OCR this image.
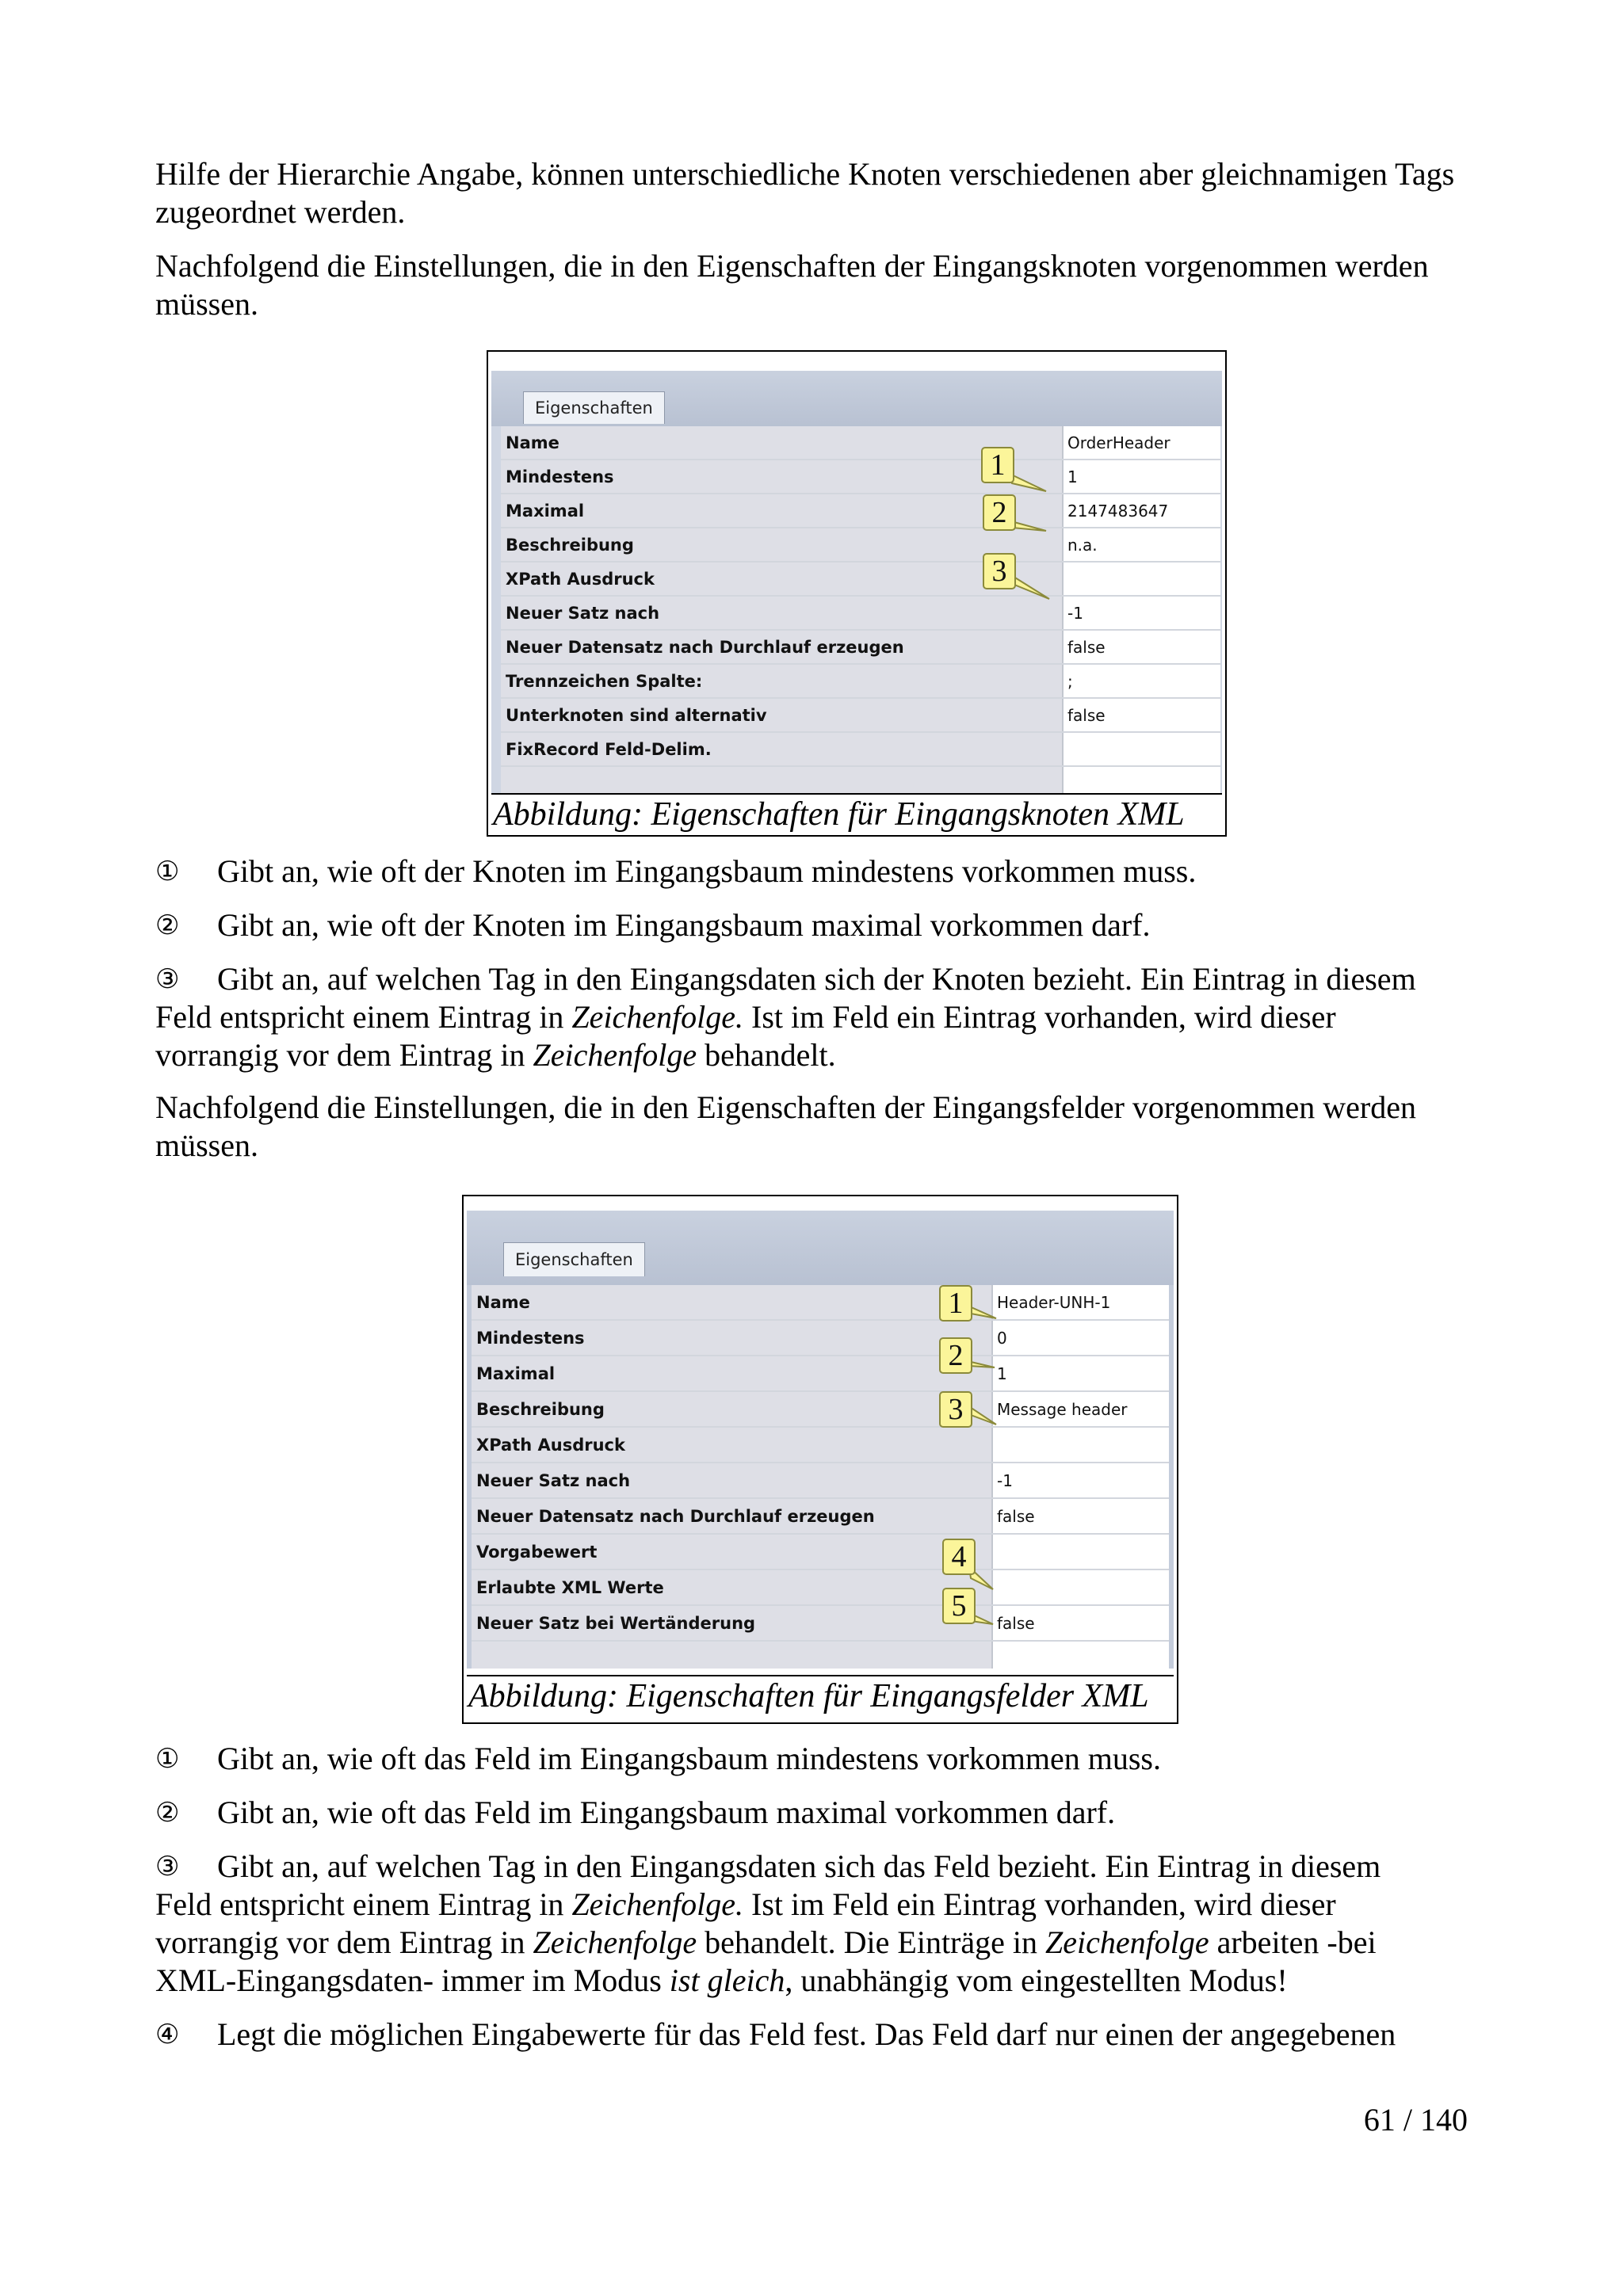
Hilfe der Hierarchie Angabe, können unterschiedliche Knoten verschiedenen aber gleichnamigen Tags zugeordnet werden.

Nachfolgend die Einstellungen, die in den Eigenschaften der Eingangsknoten vorgenommen werden müssen.

Eigenschaften
Name	OrderHeader
Mindestens	1
Maximal	2147483647
Beschreibung	n.a.
XPath Ausdruck
Neuer Satz nach	-1
Neuer Datensatz nach Durchlauf erzeugen	false
Trennzeichen Spalte:	;
Unterknoten sind alternativ	false
FixRecord Feld-Delim.
1
2
3
Abbildung: Eigenschaften für Eingangsknoten XML
① Gibt an, wie oft der Knoten im Eingangsbaum mindestens vorkommen muss.
② Gibt an, wie oft der Knoten im Eingangsbaum maximal vorkommen darf.
③ Gibt an, auf welchen Tag in den Eingangsdaten sich der Knoten bezieht. Ein Eintrag in diesem

Feld entspricht einem Eintrag in Zeichenfolge. Ist im Feld ein Eintrag vorhanden, wird dieser

vorrangig vor dem Eintrag in Zeichenfolge behandelt.

Nachfolgend die Einstellungen, die in den Eigenschaften der Eingangsfelder vorgenommen werden müssen.

Eigenschaften
Name	Header-UNH-1
Mindestens	0
Maximal	1
Beschreibung	Message header
XPath Ausdruck
Neuer Satz nach	-1
Neuer Datensatz nach Durchlauf erzeugen	false
Vorgabewert
Erlaubte XML Werte
Neuer Satz bei Wertänderung	false
1
2
3
4
5
Abbildung: Eigenschaften für Eingangsfelder XML
① Gibt an, wie oft das Feld im Eingangsbaum mindestens vorkommen muss.
② Gibt an, wie oft das Feld im Eingangsbaum maximal vorkommen darf.
③ Gibt an, auf welchen Tag in den Eingangsdaten sich das Feld bezieht. Ein Eintrag in diesem

Feld entspricht einem Eintrag in Zeichenfolge. Ist im Feld ein Eintrag vorhanden, wird dieser

vorrangig vor dem Eintrag in Zeichenfolge behandelt. Die Einträge in Zeichenfolge arbeiten -bei

XML-Eingangsdaten- immer im Modus ist gleich, unabhängig vom eingestellten Modus!

④ Legt die möglichen Eingabewerte für das Feld fest. Das Feld darf nur einen der angegebenen
61 / 140
